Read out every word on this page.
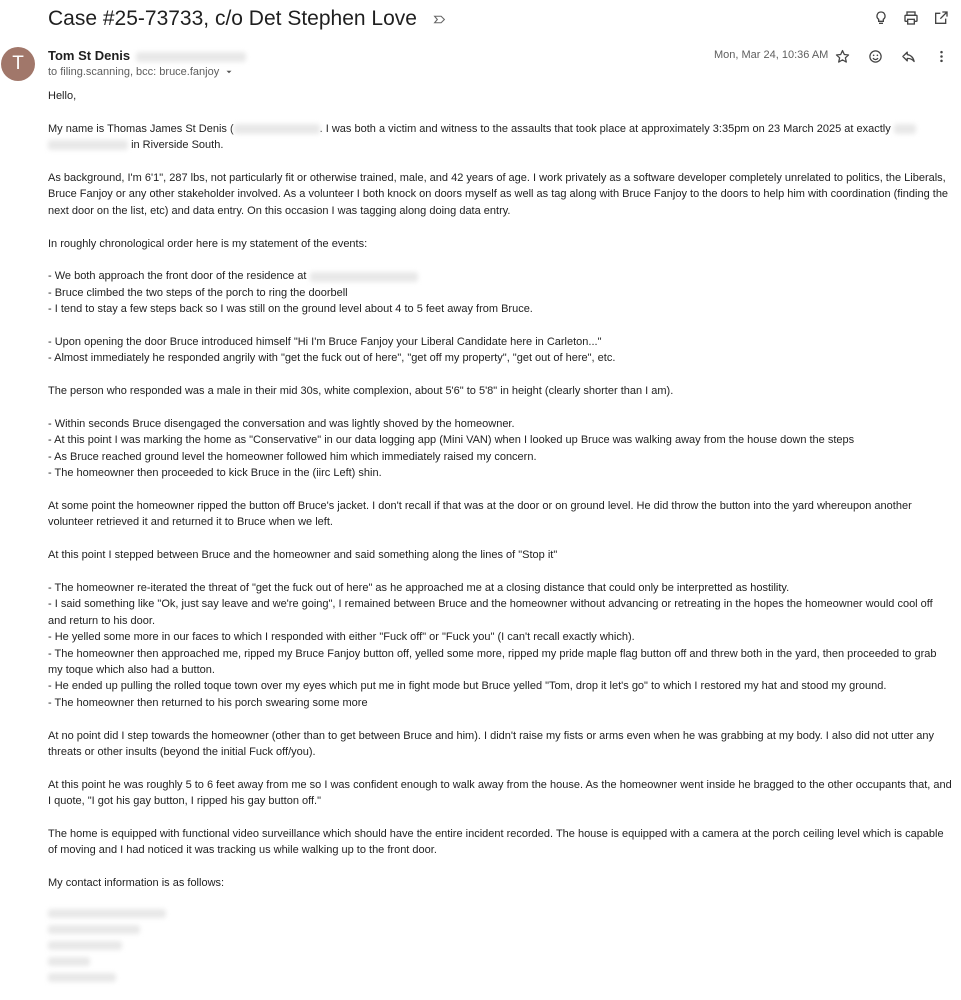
Case #25-73733, c/o Det Stephen Love
T Tom St Denis
to filing.scanning, bcc: bruce.fanjoy
Mon, Mar 24, 10:36 AM

Hello,

My name is Thomas James St Denis (	. I was both a victim and witness to the assaults that took place at approximately 3:35pm on 23 March 2025 at exactly
in Riverside South.

As background, I'm 6'1", 287 lbs, not particularly fit or otherwise trained, male, and 42 years of age. I work privately as a software developer completely unrelated to politics, the Liberals, Bruce Fanjoy or any other stakeholder involved. As a volunteer I both knock on doors myself as well as tag along with Bruce Fanjoy to the doors to help him with coordination (finding the next door on the list, etc) and data entry. On this occasion I was tagging along doing data entry.

In roughly chronological order here is my statement of the events:

- We both approach the front door of the residence at
- Bruce climbed the two steps of the porch to ring the doorbell
- I tend to stay a few steps back so I was still on the ground level about 4 to 5 feet away from Bruce.

- Upon opening the door Bruce introduced himself "Hi I'm Bruce Fanjoy your Liberal Candidate here in Carleton..."
- Almost immediately he responded angrily with "get the fuck out of here", "get off my property", "get out of here", etc.

The person who responded was a male in their mid 30s, white complexion, about 5'6" to 5'8" in height (clearly shorter than I am).

- Within seconds Bruce disengaged the conversation and was lightly shoved by the homeowner.
- At this point I was marking the home as "Conservative" in our data logging app (Mini VAN) when I looked up Bruce was walking away from the house down the steps
- As Bruce reached ground level the homeowner followed him which immediately raised my concern.
- The homeowner then proceeded to kick Bruce in the (iirc Left) shin.

At some point the homeowner ripped the button off Bruce's jacket. I don't recall if that was at the door or on ground level. He did throw the button into the yard whereupon another volunteer retrieved it and returned it to Bruce when we left.

At this point I stepped between Bruce and the homeowner and said something along the lines of "Stop it"

- The homeowner re-iterated the threat of "get the fuck out of here" as he approached me at a closing distance that could only be interpretted as hostility.
- I said something like "Ok, just say leave and we're going", I remained between Bruce and the homeowner without advancing or retreating in the hopes the homeowner would cool off and return to his door.
- He yelled some more in our faces to which I responded with either "Fuck off" or "Fuck you" (I can't recall exactly which).
- The homeowner then approached me, ripped my Bruce Fanjoy button off, yelled some more, ripped my pride maple flag button off and threw both in the yard, then proceeded to grab my toque which also had a button.
- He ended up pulling the rolled toque town over my eyes which put me in fight mode but Bruce yelled "Tom, drop it let's go" to which I restored my hat and stood my ground.
- The homeowner then returned to his porch swearing some more

At no point did I step towards the homeowner (other than to get between Bruce and him). I didn't raise my fists or arms even when he was grabbing at my body. I also did not utter any threats or other insults (beyond the initial Fuck off/you).

At this point he was roughly 5 to 6 feet away from me so I was confident enough to walk away from the house. As the homeowner went inside he bragged to the other occupants that, and I quote, "I got his gay button, I ripped his gay button off."

The home is equipped with functional video surveillance which should have the entire incident recorded. The house is equipped with a camera at the porch ceiling level which is capable of moving and I had noticed it was tracking us while walking up to the front door.

My contact information is as follows:
